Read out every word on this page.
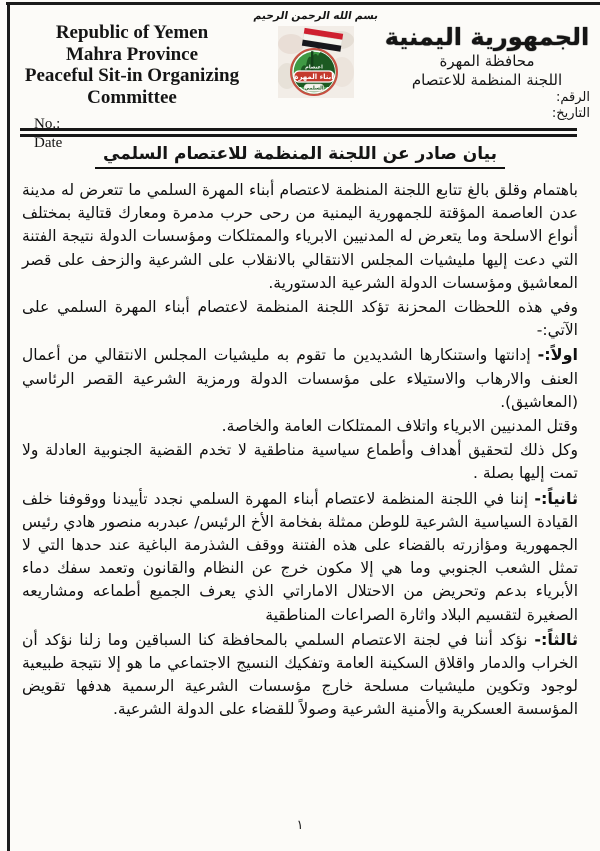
Republic of Yemen
Mahra Province
Peaceful Sit-in Organizing
Committee
No.:
Date
بسم الله الرحمن الرحيم
اعتصام
أبناء المهرة
السلمي
الجمهورية اليمنية
محافظة المهرة
اللجنة المنظمة للاعتصام
الرقم:
التاريخ:
بيان صادر عن اللجنة المنظمة للاعتصام السلمي

باهتمام وقلق بالغ تتابع اللجنة المنظمة لاعتصام أبناء المهرة السلمي ما تتعرض له مدينة عدن العاصمة المؤقتة للجمهورية اليمنية من رحى حرب مدمرة ومعارك قتالية بمختلف أنواع الاسلحة وما يتعرض له المدنيين الابرياء والممتلكات ومؤسسات الدولة نتيجة الفتنة التي دعت إليها مليشيات المجلس الانتقالي بالانقلاب على الشرعية والزحف على قصر المعاشيق ومؤسسات الدولة الشرعية الدستورية.

وفي هذه اللحظات المحزنة تؤكد اللجنة المنظمة لاعتصام أبناء المهرة السلمي على الآتي:-

اولاً:- إدانتها واستنكارها الشديدين ما تقوم به مليشيات المجلس الانتقالي من أعمال العنف والارهاب والاستيلاء على مؤسسات الدولة ورمزية الشرعية القصر الرئاسي (المعاشيق).

وقتل المدنيين الابرياء واتلاف الممتلكات العامة والخاصة.

وكل ذلك لتحقيق أهداف وأطماع سياسية مناطقية لا تخدم القضية الجنوبية العادلة ولا تمت إليها بصلة .

ثانياً:- إننا في اللجنة المنظمة لاعتصام أبناء المهرة السلمي نجدد تأييدنا ووقوفنا خلف القيادة السياسية الشرعية للوطن ممثلة بفخامة الأخ الرئيس/ عبدربه منصور هادي رئيس الجمهورية ومؤازرته بالقضاء على هذه الفتنة ووقف الشذرمة الباغية عند حدها التي لا تمثل الشعب الجنوبي وما هي إلا مكون خرج عن النظام والقانون وتعمد سفك دماء الأبرياء بدعم وتحريض من الاحتلال الاماراتي الذي يعرف الجميع أطماعه ومشاريعه الصغيرة لتقسيم البلاد واثارة الصراعات المناطقية

ثالثاً:- نؤكد أننا في لجنة الاعتصام السلمي بالمحافظة كنا السباقين وما زلنا نؤكد أن الخراب والدمار واقلاق السكينة العامة وتفكيك النسيج الاجتماعي ما هو إلا نتيجة طبيعية لوجود وتكوين مليشيات مسلحة خارج مؤسسات الشرعية الرسمية هدفها تقويض المؤسسة العسكرية والأمنية الشرعية وصولاً للقضاء على الدولة الشرعية.

١
